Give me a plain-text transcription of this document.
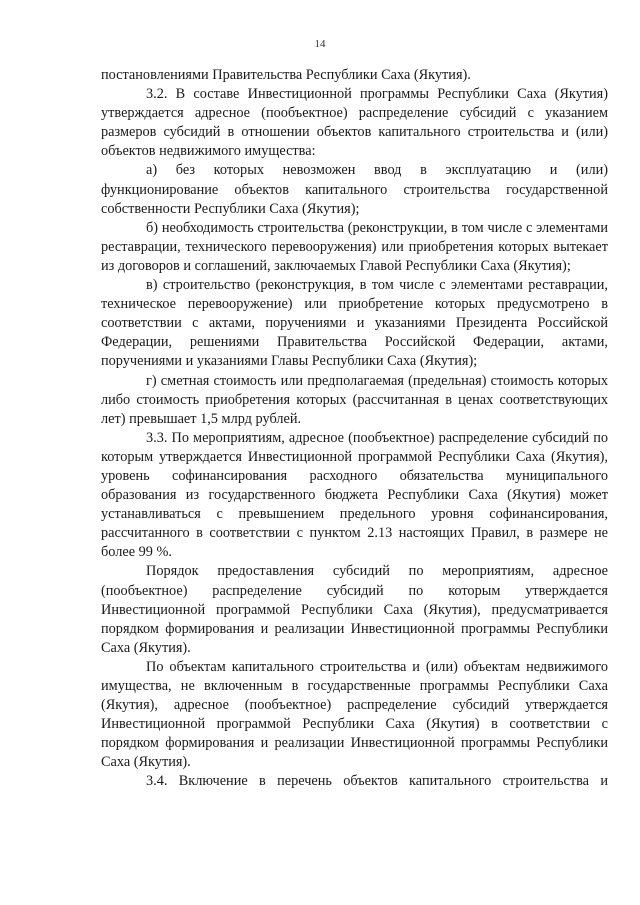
14

постановлениями Правительства Республики Саха (Якутия).

3.2. В составе Инвестиционной программы Республики Саха (Якутия) утверждается адресное (пообъектное) распределение субсидий с указанием размеров субсидий в отношении объектов капитального строительства и (или) объектов недвижимого имущества:

а) без которых невозможен ввод в эксплуатацию и (или) функционирование объектов капитального строительства государственной собственности Республики Саха (Якутия);

б) необходимость строительства (реконструкции, в том числе с элементами реставрации, технического перевооружения) или приобретения которых вытекает из договоров и соглашений, заключаемых Главой Республики Саха (Якутия);

в) строительство (реконструкция, в том числе с элементами реставрации, техническое перевооружение) или приобретение которых предусмотрено в соответствии с актами, поручениями и указаниями Президента Российской Федерации, решениями Правительства Российской Федерации, актами, поручениями и указаниями Главы Республики Саха (Якутия);

г) сметная стоимость или предполагаемая (предельная) стоимость которых либо стоимость приобретения которых (рассчитанная в ценах соответствующих лет) превышает 1,5 млрд рублей.

3.3. По мероприятиям, адресное (пообъектное) распределение субсидий по которым утверждается Инвестиционной программой Республики Саха (Якутия), уровень софинансирования расходного обязательства муниципального образования из государственного бюджета Республики Саха (Якутия) может устанавливаться с превышением предельного уровня софинансирования, рассчитанного в соответствии с пунктом 2.13 настоящих Правил, в размере не более 99 %.

Порядок предоставления субсидий по мероприятиям, адресное (пообъектное) распределение субсидий по которым утверждается Инвестиционной программой Республики Саха (Якутия), предусматривается порядком формирования и реализации Инвестиционной программы Республики Саха (Якутия).

По объектам капитального строительства и (или) объектам недвижимого имущества, не включенным в государственные программы Республики Саха (Якутия), адресное (пообъектное) распределение субсидий утверждается Инвестиционной программой Республики Саха (Якутия) в соответствии с порядком формирования и реализации Инвестиционной программы Республики Саха (Якутия).

3.4. Включение в перечень объектов капитального строительства и
